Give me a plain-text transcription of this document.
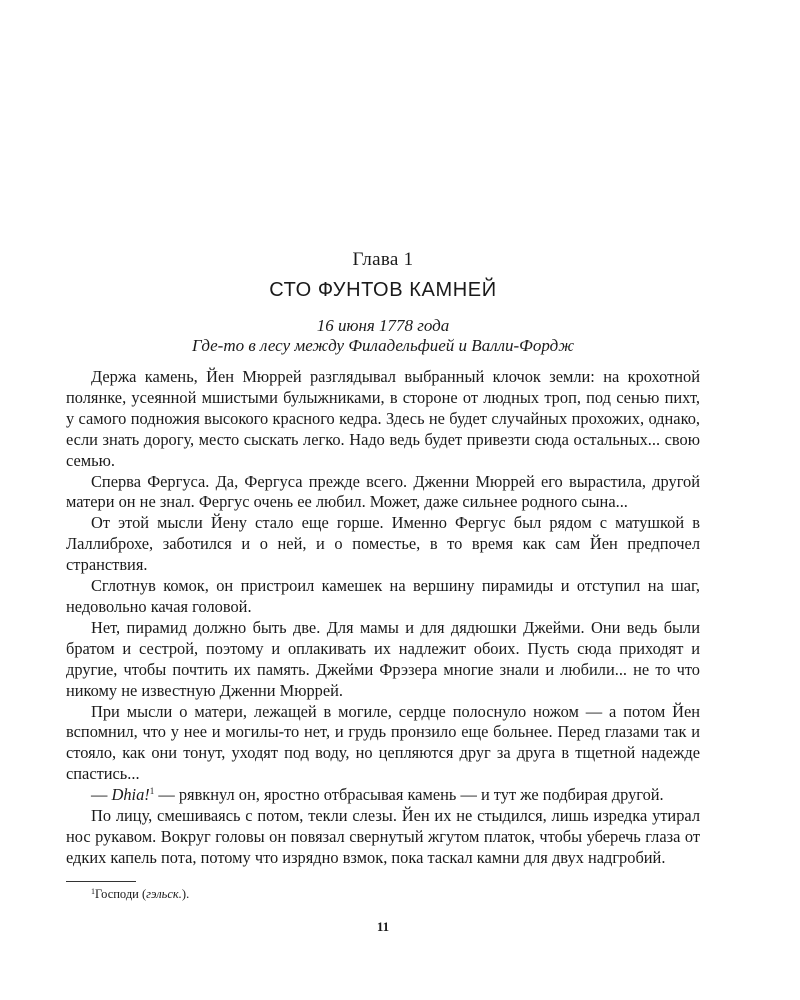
Глава 1
СТО ФУНТОВ КАМНЕЙ
16 июня 1778 года
Где-то в лесу между Филадельфией и Валли-Фордж

Держа камень, Йен Мюррей разглядывал выбранный клочок земли: на крохотной полянке, усеянной мшистыми булыжниками, в стороне от людных троп, под сенью пихт, у самого подножия высокого красного кедра. Здесь не будет случайных прохожих, однако, если знать дорогу, место сыскать легко. Надо ведь будет привезти сюда остальных... свою семью.

Сперва Фергуса. Да, Фергуса прежде всего. Дженни Мюррей его вырастила, другой матери он не знал. Фергус очень ее любил. Может, даже сильнее родного сына...

От этой мысли Йену стало еще горше. Именно Фергус был рядом с матушкой в Лаллиброхе, заботился и о ней, и о поместье, в то время как сам Йен предпочел странствия.

Сглотнув комок, он пристроил камешек на вершину пирамиды и отступил на шаг, недовольно качая головой.

Нет, пирамид должно быть две. Для мамы и для дядюшки Джейми. Они ведь были братом и сестрой, поэтому и оплакивать их надлежит обоих. Пусть сюда приходят и другие, чтобы почтить их память. Джейми Фрэзера многие знали и любили... не то что никому не известную Дженни Мюррей.

При мысли о матери, лежащей в могиле, сердце полоснуло ножом — а потом Йен вспомнил, что у нее и могилы-то нет, и грудь пронзило еще больнее. Перед глазами так и стояло, как они тонут, уходят под воду, но цепляются друг за друга в тщетной надежде спастись...

— Dhia!$^1$ — рявкнул он, яростно отбрасывая камень — и тут же подбирая другой.

По лицу, смешиваясь с потом, текли слезы. Йен их не стыдился, лишь изредка утирал нос рукавом. Вокруг головы он повязал свернутый жгутом платок, чтобы уберечь глаза от едких капель пота, потому что изрядно взмок, пока таскал камни для двух надгробий.

$^1$Господи (гэльск.).
11
